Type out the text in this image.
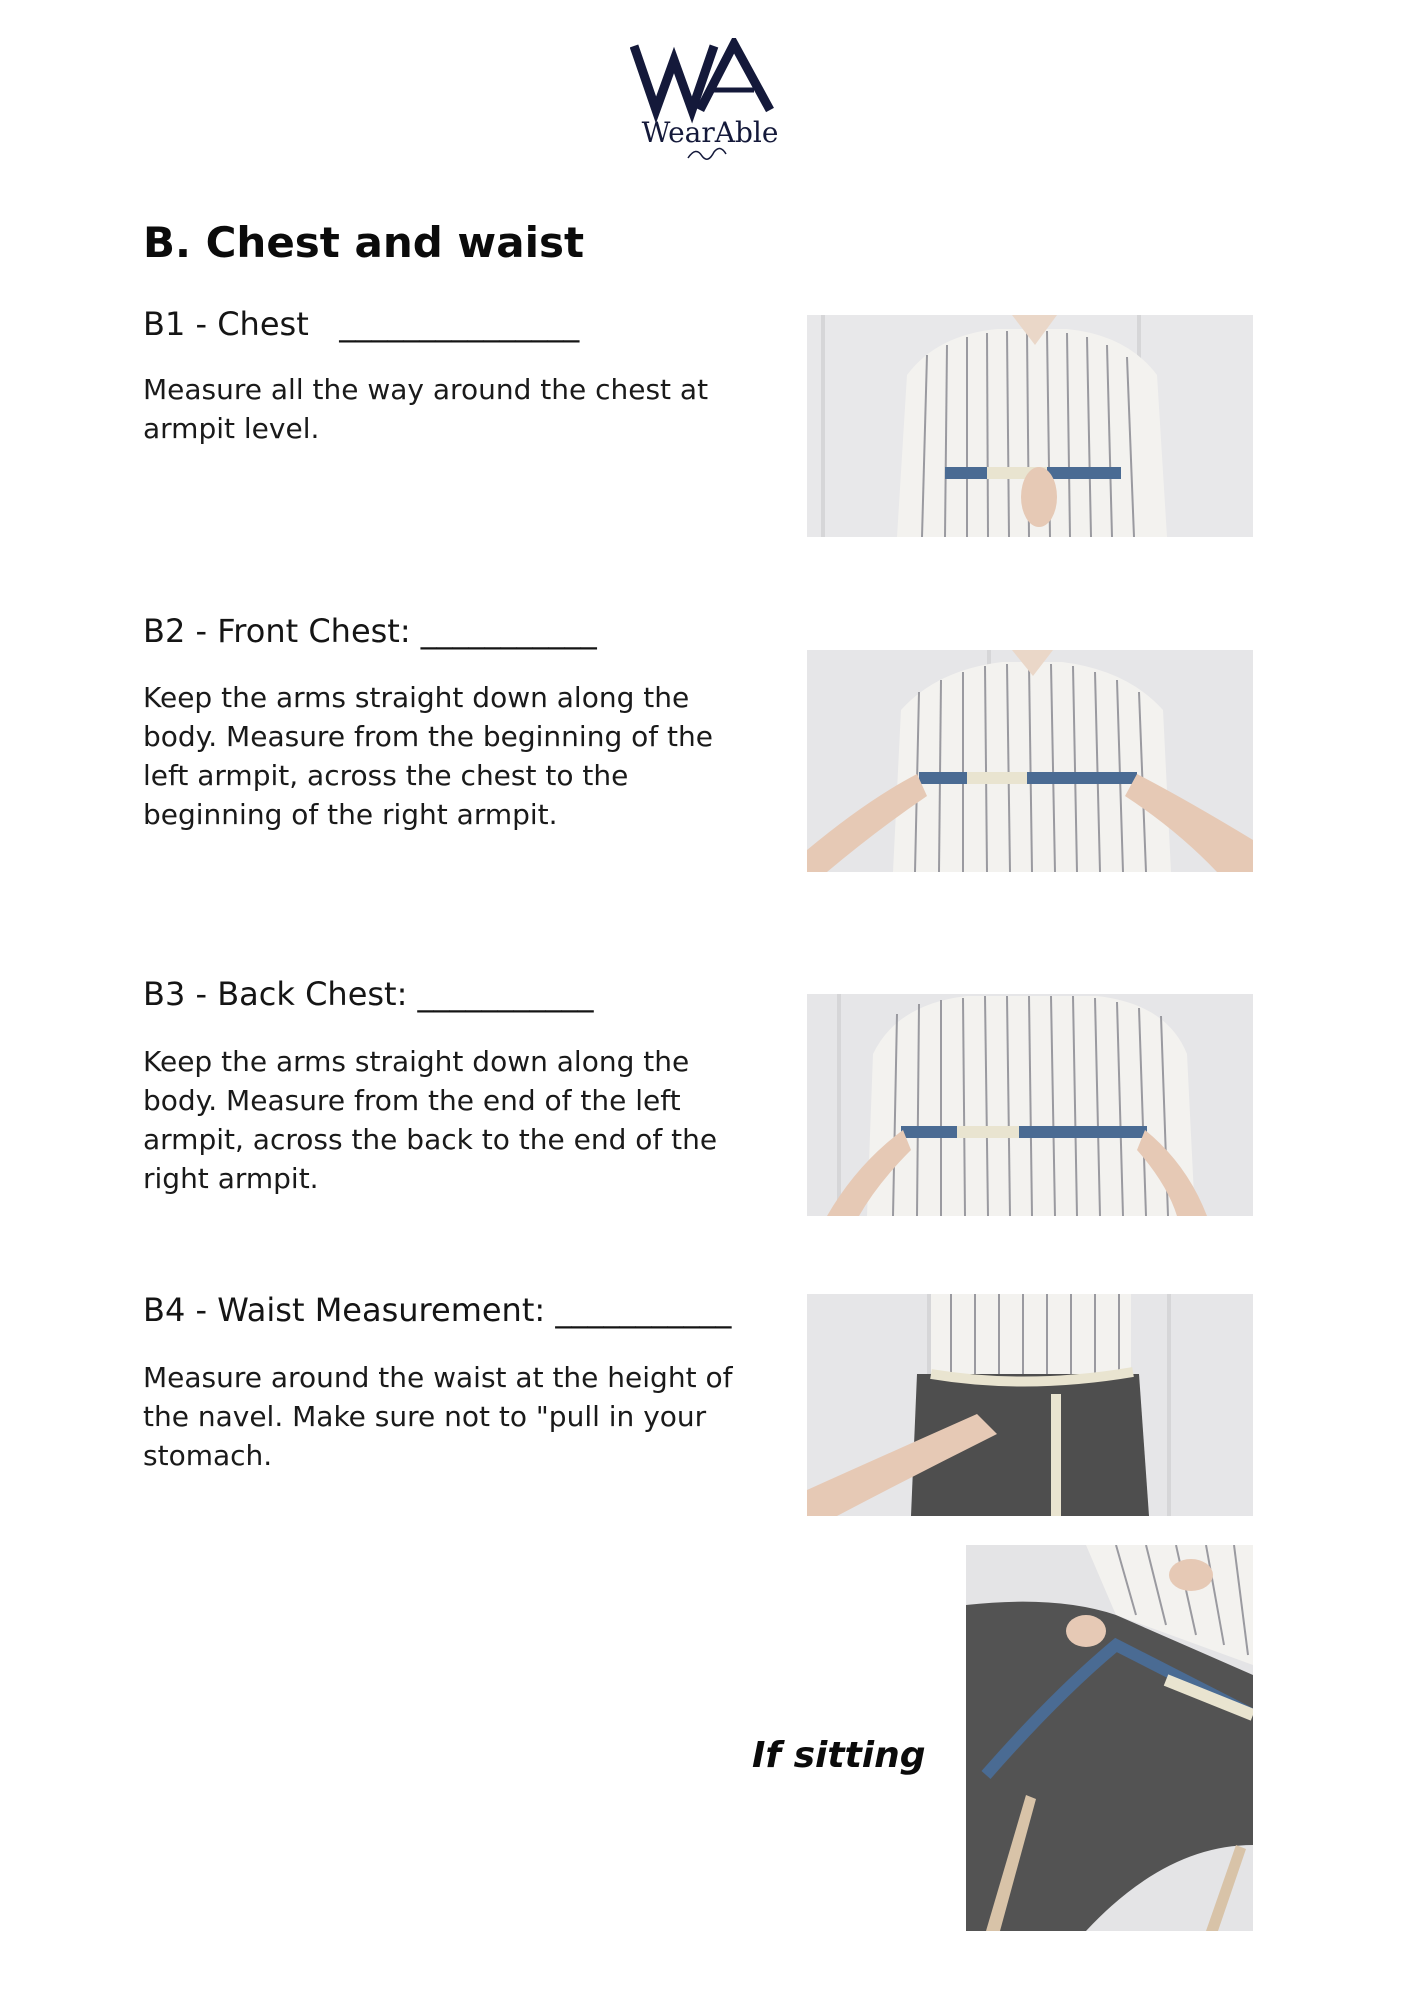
WearAble
B. Chest and waist

B1 - Chest   _______________

Measure all the way around the chest at armpit level.

B2 - Front Chest: ___________

Keep the arms straight down along the body. Measure from the beginning of the left armpit, across the chest to the beginning of the right armpit.

B3 - Back Chest: ___________

Keep the arms straight down along the body. Measure from the end of the left armpit, across the back to the end of the right armpit.

B4 - Waist Measurement: ___________

Measure around the waist at the height of the navel. Make sure not to "pull in your stomach.

If sitting
